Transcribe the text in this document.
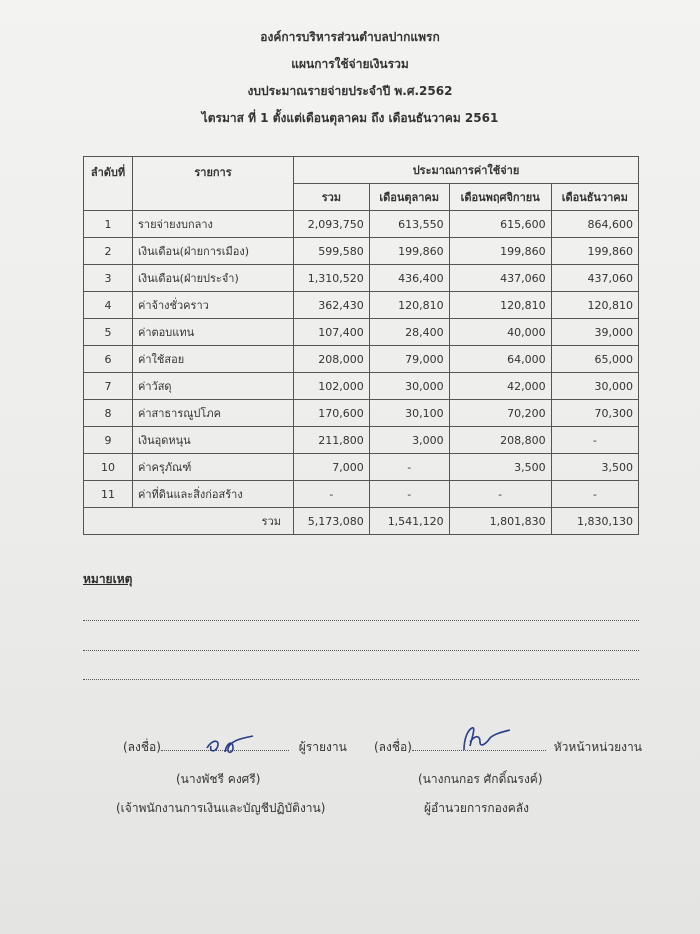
องค์การบริหารส่วนตำบลปากแพรก
แผนการใช้จ่ายเงินรวม
งบประมาณรายจ่ายประจำปี พ.ศ.2562
ไตรมาส ที่ 1 ตั้งแต่เดือนตุลาคม ถึง เดือนธันวาคม 2561
ลำดับที่	รายการ	ประมาณการค่าใช้จ่าย			
		รวม	เดือนตุลาคม	เดือนพฤศจิกายน	เดือนธันวาคม
1	รายจ่ายงบกลาง	2,093,750	613,550	615,600	864,600
2	เงินเดือน(ฝ่ายการเมือง)	599,580	199,860	199,860	199,860
3	เงินเดือน(ฝ่ายประจำ)	1,310,520	436,400	437,060	437,060
4	ค่าจ้างชั่วคราว	362,430	120,810	120,810	120,810
5	ค่าตอบแทน	107,400	28,400	40,000	39,000
6	ค่าใช้สอย	208,000	79,000	64,000	65,000
7	ค่าวัสดุ	102,000	30,000	42,000	30,000
8	ค่าสาธารณูปโภค	170,600	30,100	70,200	70,300
9	เงินอุดหนุน	211,800	3,000	208,800	-
10	ค่าครุภัณฑ์	7,000	-	3,500	3,500
11	ค่าที่ดินและสิ่งก่อสร้าง	-	-	-	-
รวม		5,173,080	1,541,120	1,801,830	1,830,130
หมายเหตุ
(ลงชื่อ)	ผู้รายงาน
(นางพัชรี คงศรี)
(เจ้าพนักงานการเงินและบัญชีปฏิบัติงาน)
(ลงชื่อ)	หัวหน้าหน่วยงาน
(นางกนกอร ศักดิ์ณรงค์)
ผู้อำนวยการกองคลัง
